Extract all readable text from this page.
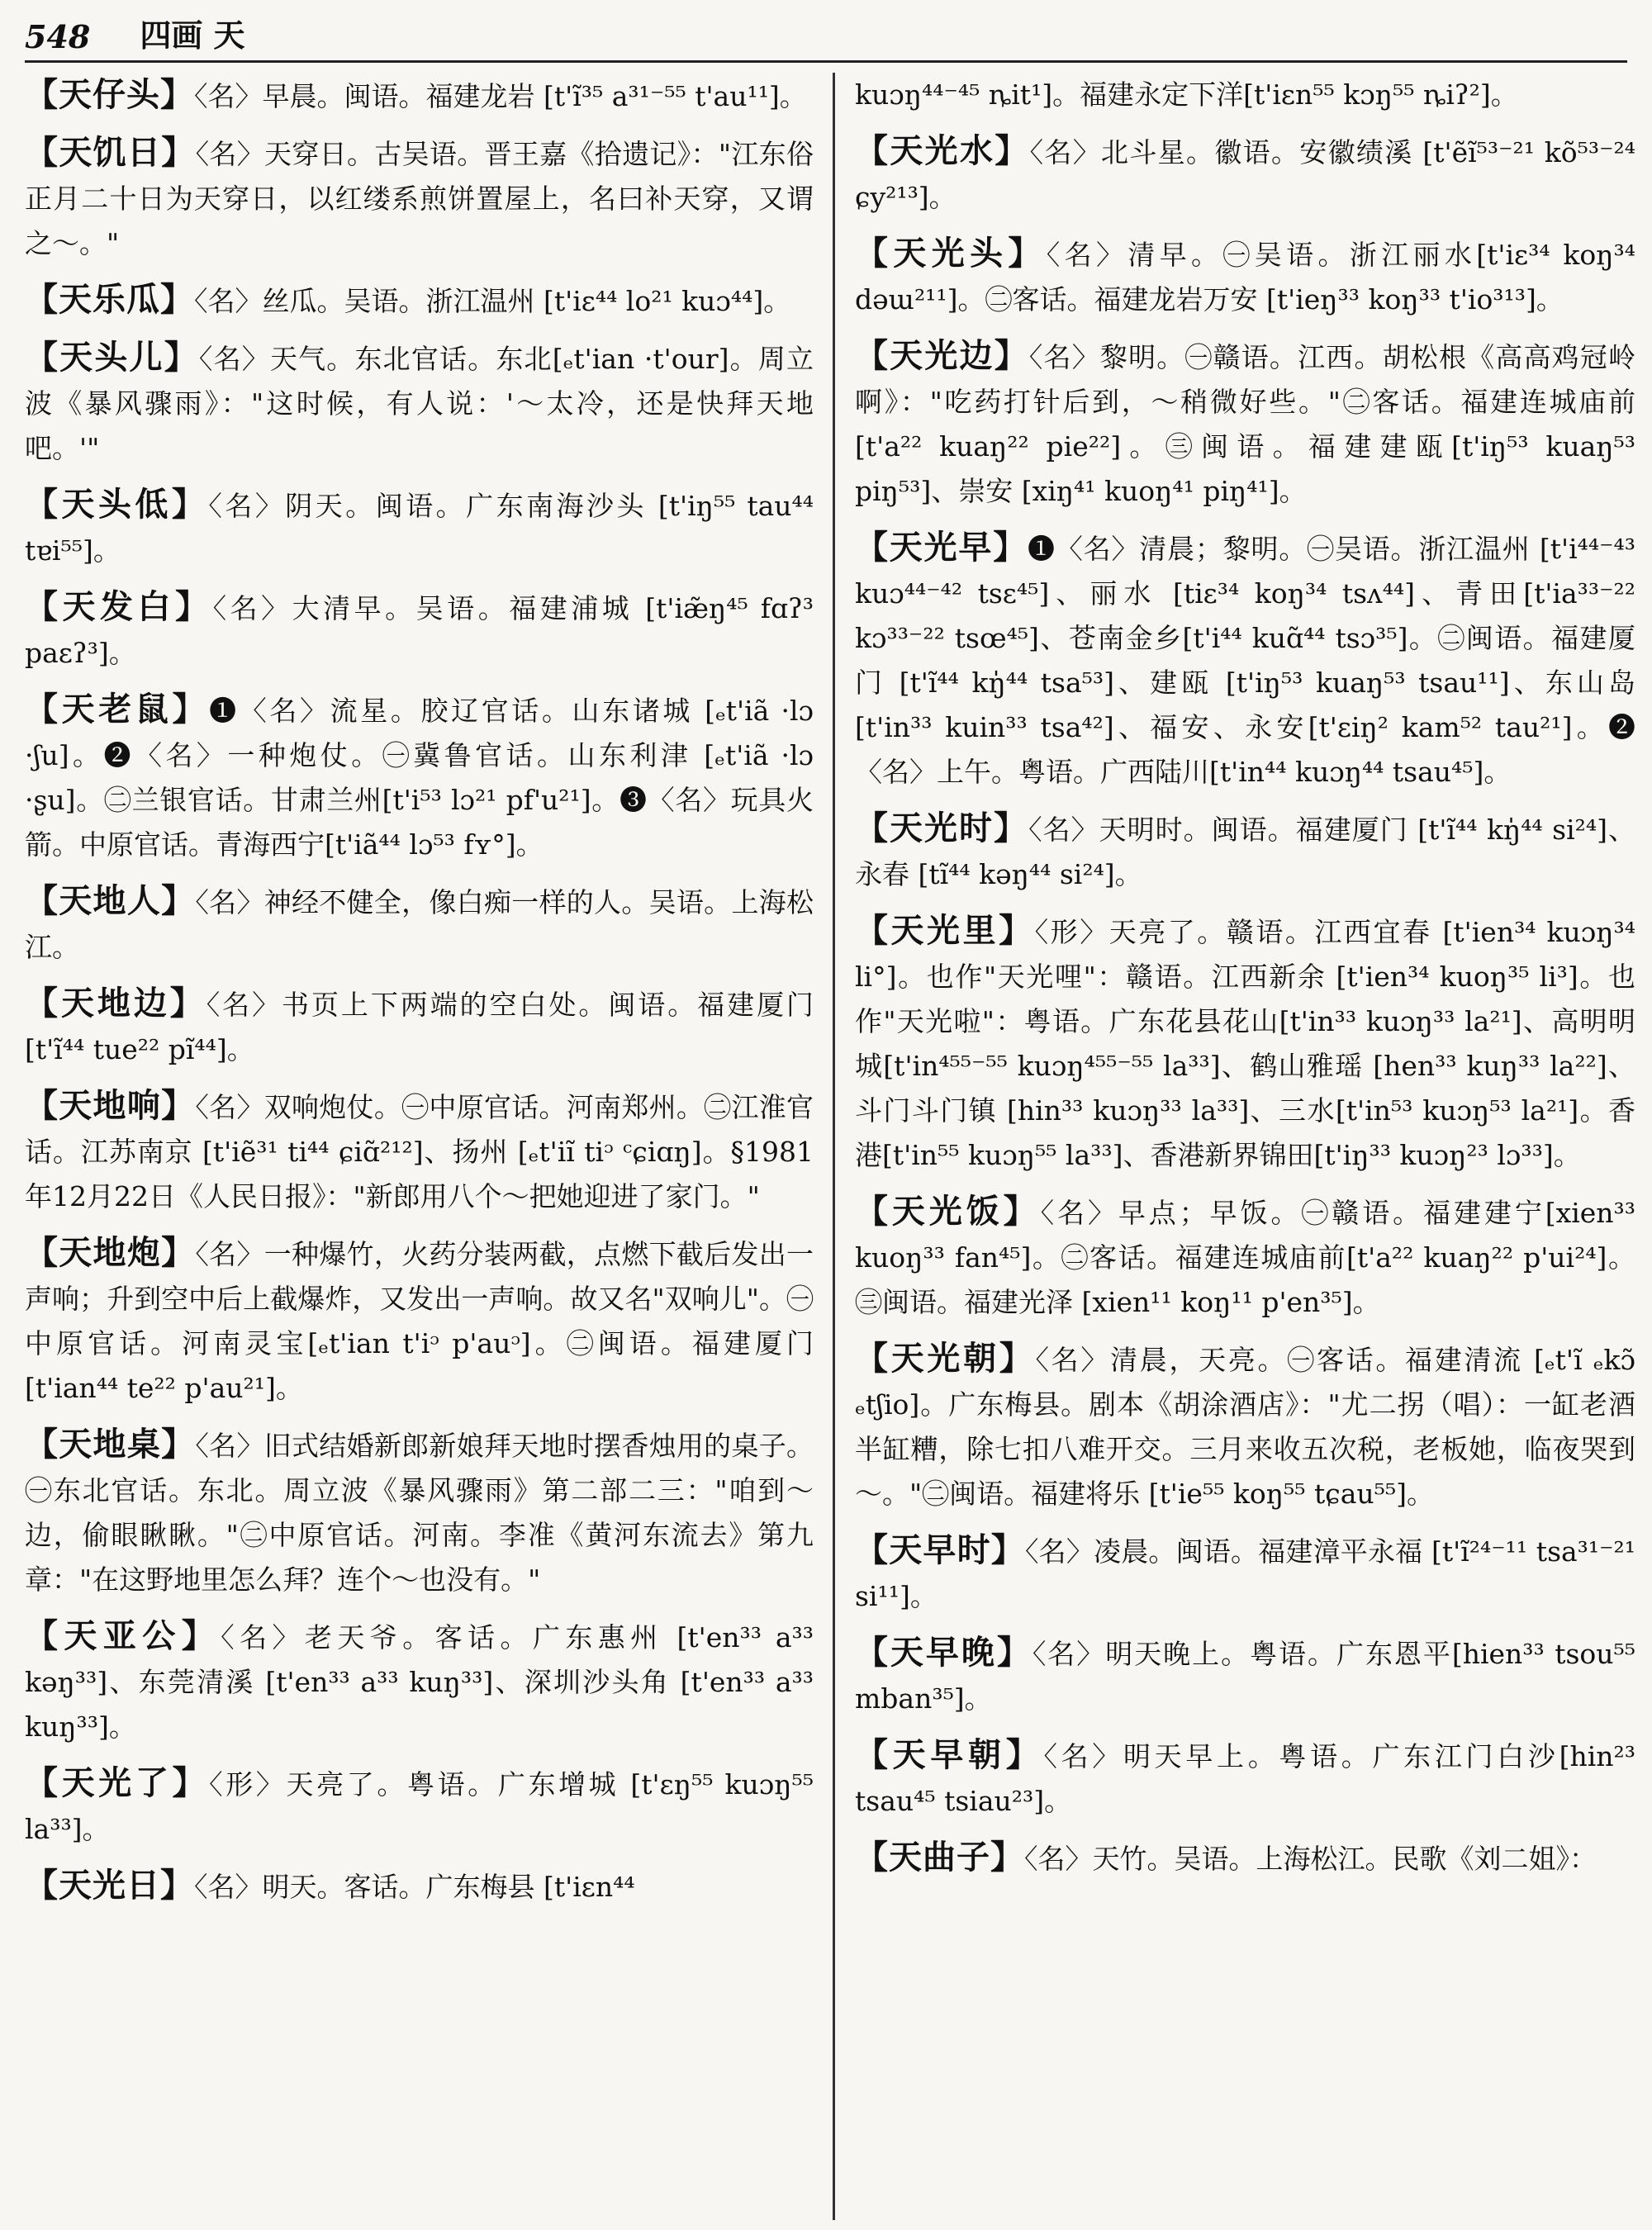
548 四画 天

【天仔头】〈名〉早晨。闽语。福建龙岩 [t'ĩ³⁵ a³¹⁻⁵⁵ t'au¹¹]。

【天饥日】〈名〉天穿日。古吴语。晋王嘉《拾遗记》："江东俗正月二十日为天穿日，以红缕系煎饼置屋上，名曰补天穿，又谓之～。"

【天乐瓜】〈名〉丝瓜。吴语。浙江温州 [t'iɛ⁴⁴ lo²¹ kuɔ⁴⁴]。

【天头儿】〈名〉天气。东北官话。东北[ₑt'ian ·t'our]。周立波《暴风骤雨》："这时候，有人说：'～太冷，还是快拜天地吧。'"

【天头低】〈名〉阴天。闽语。广东南海沙头 [t'iŋ⁵⁵ tau⁴⁴ tɐi⁵⁵]。

【天发白】〈名〉大清早。吴语。福建浦城 [t'iæ̃ŋ⁴⁵ fɑʔ³ paɛʔ³]。

【天老鼠】❶〈名〉流星。胶辽官话。山东诸城 [ₑt'iã ·lɔ ·ʃu]。❷〈名〉一种炮仗。㊀冀鲁官话。山东利津 [ₑt'iã ·lɔ ·ʂu]。㊁兰银官话。甘肃兰州[t'i⁵³ lɔ²¹ pf'u²¹]。❸〈名〉玩具火箭。中原官话。青海西宁[t'iã⁴⁴ lɔ⁵³ fʏ°]。

【天地人】〈名〉神经不健全，像白痴一样的人。吴语。上海松江。

【天地边】〈名〉书页上下两端的空白处。闽语。福建厦门 [t'ĩ⁴⁴ tue²² pĩ⁴⁴]。

【天地响】〈名〉双响炮仗。㊀中原官话。河南郑州。㊁江淮官话。江苏南京 [t'iẽ³¹ ti⁴⁴ ɕiɑ̃²¹²]、扬州 [ₑt'iĩ tiᵓ ᶜɕiɑŋ]。§1981年12月22日《人民日报》："新郎用八个～把她迎进了家门。"

【天地炮】〈名〉一种爆竹，火药分装两截，点燃下截后发出一声响；升到空中后上截爆炸，又发出一声响。故又名"双响儿"。㊀中原官话。河南灵宝[ₑt'ian t'iᵓ p'auᵓ]。㊁闽语。福建厦门 [t'ian⁴⁴ te²² p'au²¹]。

【天地桌】〈名〉旧式结婚新郎新娘拜天地时摆香烛用的桌子。㊀东北官话。东北。周立波《暴风骤雨》第二部二三："咱到～边，偷眼瞅瞅。"㊁中原官话。河南。李准《黄河东流去》第九章："在这野地里怎么拜？连个～也没有。"

【天亚公】〈名〉老天爷。客话。广东惠州 [t'en³³ a³³ kəŋ³³]、东莞清溪 [t'en³³ a³³ kuŋ³³]、深圳沙头角 [t'en³³ a³³ kuŋ³³]。

【天光了】〈形〉天亮了。粤语。广东增城 [t'ɛŋ⁵⁵ kuɔŋ⁵⁵ la³³]。

【天光日】〈名〉明天。客话。广东梅县 [t'iɛn⁴⁴

kuɔŋ⁴⁴⁻⁴⁵ ȵit¹]。福建永定下洋[t'iɛn⁵⁵ kɔŋ⁵⁵ ȵiʔ²]。

【天光水】〈名〉北斗星。徽语。安徽绩溪 [t'ẽĩ⁵³⁻²¹ kõ⁵³⁻²⁴ ɕy²¹³]。

【天光头】〈名〉清早。㊀吴语。浙江丽水[t'iɛ³⁴ koŋ³⁴ dəɯ²¹¹]。㊁客话。福建龙岩万安 [t'ieŋ³³ koŋ³³ t'io³¹³]。

【天光边】〈名〉黎明。㊀赣语。江西。胡松根《高高鸡冠岭啊》："吃药打针后到，～稍微好些。"㊁客话。福建连城庙前 [t'a²² kuaŋ²² pie²²]。㊂闽语。福建建瓯[t'iŋ⁵³ kuaŋ⁵³ piŋ⁵³]、崇安 [xiŋ⁴¹ kuoŋ⁴¹ piŋ⁴¹]。

【天光早】❶〈名〉清晨；黎明。㊀吴语。浙江温州 [t'i⁴⁴⁻⁴³ kuɔ⁴⁴⁻⁴² tsɛ⁴⁵]、丽水 [tiɛ³⁴ koŋ³⁴ tsʌ⁴⁴]、青田[t'ia³³⁻²² kɔ³³⁻²² tsœ⁴⁵]、苍南金乡[t'i⁴⁴ kuɑ̃⁴⁴ tsɔ³⁵]。㊁闽语。福建厦门 [t'ĩ⁴⁴ kŋ̍⁴⁴ tsa⁵³]、建瓯 [t'iŋ⁵³ kuaŋ⁵³ tsau¹¹]、东山岛[t'in³³ kuin³³ tsa⁴²]、福安、永安[t'ɛiŋ² kam⁵² tau²¹]。❷〈名〉上午。粤语。广西陆川[t'in⁴⁴ kuɔŋ⁴⁴ tsau⁴⁵]。

【天光时】〈名〉天明时。闽语。福建厦门 [t'ĩ⁴⁴ kŋ̍⁴⁴ si²⁴]、永春 [tĩ⁴⁴ kəŋ⁴⁴ si²⁴]。

【天光里】〈形〉天亮了。赣语。江西宜春 [t'ien³⁴ kuɔŋ³⁴ li°]。也作"天光哩"：赣语。江西新余 [t'ien³⁴ kuoŋ³⁵ li³]。也作"天光啦"：粤语。广东花县花山[t'in³³ kuɔŋ³³ la²¹]、高明明城[t'in⁴⁵⁵⁻⁵⁵ kuɔŋ⁴⁵⁵⁻⁵⁵ la³³]、鹤山雅瑶 [hen³³ kuŋ³³ la²²]、斗门斗门镇 [hin³³ kuɔŋ³³ la³³]、三水[t'in⁵³ kuɔŋ⁵³ la²¹]。香港[t'in⁵⁵ kuɔŋ⁵⁵ la³³]、香港新界锦田[t'iŋ³³ kuɔŋ²³ lɔ³³]。

【天光饭】〈名〉早点；早饭。㊀赣语。福建建宁[xien³³ kuoŋ³³ fan⁴⁵]。㊁客话。福建连城庙前[t'a²² kuaŋ²² p'ui²⁴]。㊂闽语。福建光泽 [xien¹¹ koŋ¹¹ p'en³⁵]。

【天光朝】〈名〉清晨，天亮。㊀客话。福建清流 [ₑt'ĩ ₑkɔ̃ ₑtʃio]。广东梅县。剧本《胡涂酒店》："尤二拐（唱）：一缸老酒半缸糟，除七扣八难开交。三月来收五次税，老板她，临夜哭到～。"㊁闽语。福建将乐 [t'ie⁵⁵ koŋ⁵⁵ tɕau⁵⁵]。

【天早时】〈名〉凌晨。闽语。福建漳平永福 [t'ĩ²⁴⁻¹¹ tsa³¹⁻²¹ si¹¹]。

【天早晚】〈名〉明天晚上。粤语。广东恩平[hien³³ tsou⁵⁵ mban³⁵]。

【天早朝】〈名〉明天早上。粤语。广东江门白沙[hin²³ tsau⁴⁵ tsiau²³]。

【天曲子】〈名〉天竹。吴语。上海松江。民歌《刘二姐》：
